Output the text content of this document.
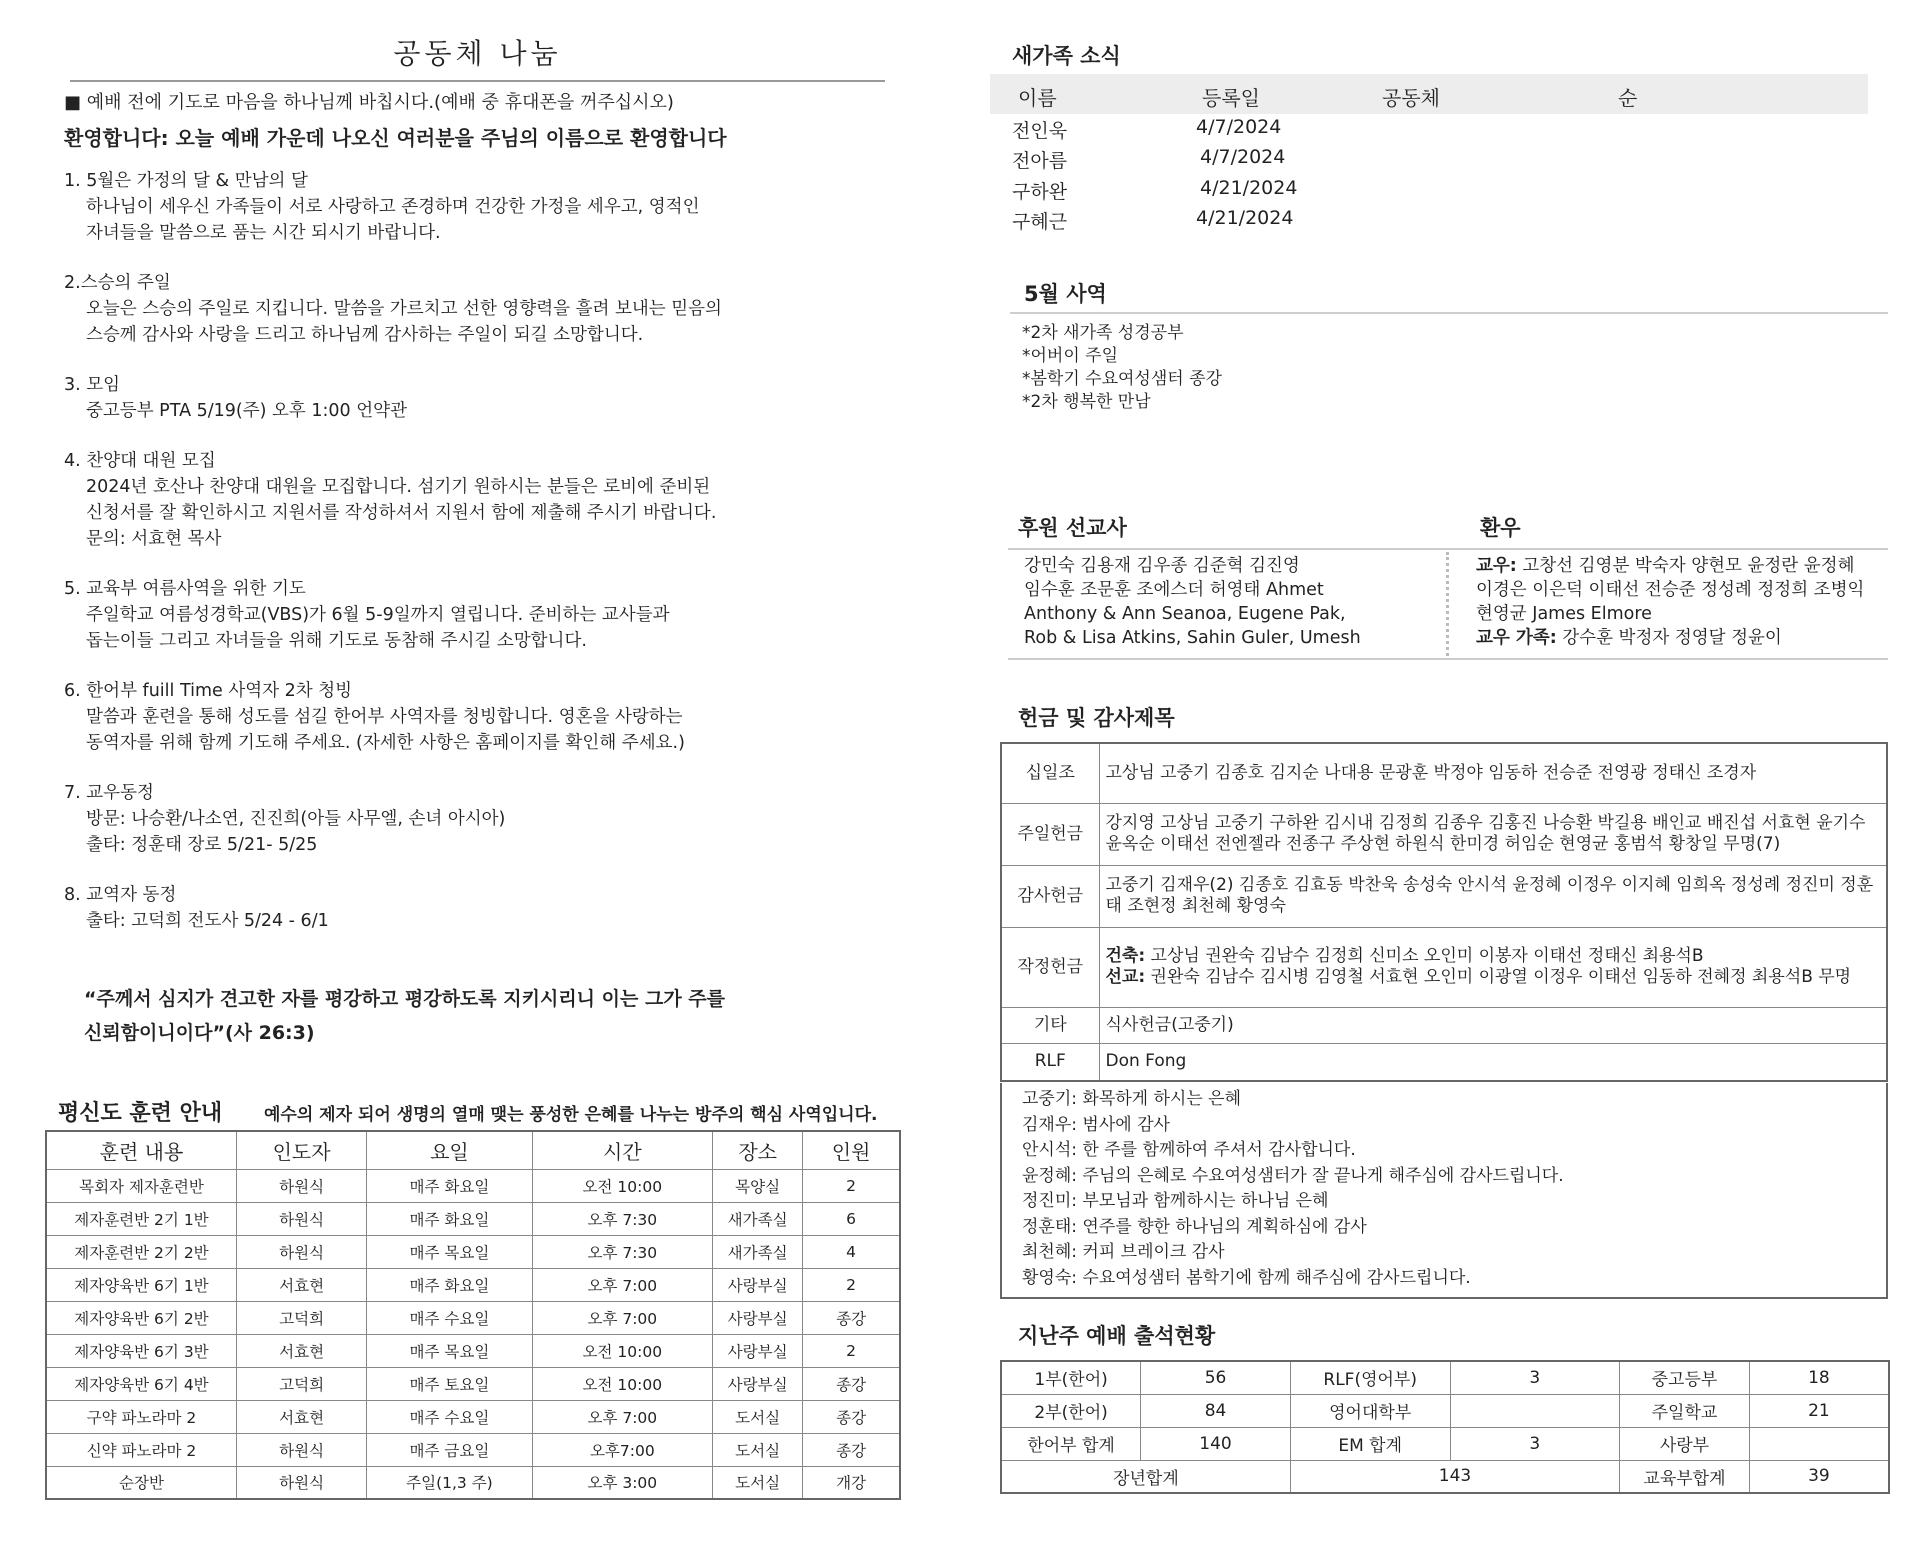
공동체 나눔
■ 예배 전에 기도로 마음을 하나님께 바칩시다.(예배 중 휴대폰을 꺼주십시오)
환영합니다: 오늘 예배 가운데 나오신 여러분을 주님의 이름으로 환영합니다
1. 5월은 가정의 달 & 만남의 달
하나님이 세우신 가족들이 서로 사랑하고 존경하며 건강한 가정을 세우고, 영적인
자녀들을 말씀으로 품는 시간 되시기 바랍니다.
2.스승의 주일
오늘은 스승의 주일로 지킵니다. 말씀을 가르치고 선한 영향력을 흘려 보내는 믿음의
스승께 감사와 사랑을 드리고 하나님께 감사하는 주일이 되길 소망합니다.
3. 모임
중고등부 PTA 5/19(주) 오후 1:00 언약관
4. 찬양대 대원 모집
2024년 호산나 찬양대 대원을 모집합니다. 섬기기 원하시는 분들은 로비에 준비된
신청서를 잘 확인하시고 지원서를 작성하셔서 지원서 함에 제출해 주시기 바랍니다.
문의: 서효현 목사
5. 교육부 여름사역을 위한 기도
주일학교 여름성경학교(VBS)가 6월 5-9일까지 열립니다. 준비하는 교사들과
돕는이들 그리고 자녀들을 위해 기도로 동참해 주시길 소망합니다.
6. 한어부 fuill Time 사역자 2차 청빙
말씀과 훈련을 통해 성도를 섬길 한어부 사역자를 청빙합니다. 영혼을 사랑하는
동역자를 위해 함께 기도해 주세요. (자세한 사항은 홈페이지를 확인해 주세요.)
7. 교우동정
방문: 나승환/나소연, 진진희(아들 사무엘, 손녀 아시아)
출타: 정훈태 장로 5/21- 5/25
8. 교역자 동정
출타: 고덕희 전도사 5/24 - 6/1
“주께서 심지가 견고한 자를 평강하고 평강하도록 지키시리니 이는 그가 주를
신뢰함이니이다”(사 26:3)
평신도 훈련 안내 예수의 제자 되어 생명의 열매 맺는 풍성한 은혜를 나누는 방주의 핵심 사역입니다.
훈련 내용	인도자	요일	시간	장소	인원
목회자 제자훈련반	하원식	매주 화요일	오전 10:00	목양실	2
제자훈련반 2기 1반	하원식	매주 화요일	오후 7:30	새가족실	6
제자훈련반 2기 2반	하원식	매주 목요일	오후 7:30	새가족실	4
제자양육반 6기 1반	서효현	매주 화요일	오후 7:00	사랑부실	2
제자양육반 6기 2반	고덕희	매주 수요일	오후 7:00	사랑부실	종강
제자양육반 6기 3반	서효현	매주 목요일	오전 10:00	사랑부실	2
제자양육반 6기 4반	고덕희	매주 토요일	오전 10:00	사랑부실	종강
구약 파노라마 2	서효현	매주 수요일	오후 7:00	도서실	종강
신약 파노라마 2	하원식	매주 금요일	오후7:00	도서실	종강
순장반	하원식	주일(1,3 주)	오후 3:00	도서실	개강
새가족 소식
이름	등록일	공동체	순
전인욱	4/7/2024
전아름	4/7/2024
구하완	4/21/2024
구혜근	4/21/2024
5월 사역
*2차 새가족 성경공부
*어버이 주일
*봄학기 수요여성샘터 종강
*2차 행복한 만남
후원 선교사	환우
강민숙 김용재 김우종 김준혁 김진영
임수훈 조문훈 조에스더 허영태 Ahmet
Anthony & Ann Seanoa, Eugene Pak,
Rob & Lisa Atkins, Sahin Guler, Umesh
교우: 고창선 김영분 박숙자 양현모 윤정란 윤정혜
이경은 이은덕 이태선 전승준 정성례 정정희 조병익
현영균 James Elmore
교우 가족: 강수훈 박정자 정영달 정윤이
헌금 및 감사제목
십일조	고상님 고중기 김종호 김지순 나대용 문광훈 박정야 임동하 전승준 전영광 정태신 조경자
주일헌금	강지영 고상님 고중기 구하완 김시내 김정희 김종우 김홍진 나승환 박길용 배인교 배진섭 서효현 윤기수 윤옥순 이태선 전엔젤라 전종구 주상현 하원식 한미경 허임순 현영균 홍범석 황창일 무명(7)
감사헌금	고중기 김재우(2) 김종호 김효동 박찬욱 송성숙 안시석 윤정혜 이정우 이지혜 임희옥 정성례 정진미 정훈태 조현정 최천혜 황영숙
작정헌금	건축: 고상님 권완숙 김남수 김정희 신미소 오인미 이봉자 이태선 정태신 최용석B
선교: 권완숙 김남수 김시병 김영철 서효현 오인미 이광열 이정우 이태선 임동하 전혜정 최용석B 무명

기타	식사헌금(고중기)
RLF	Don Fong
고중기: 화목하게 하시는 은혜
김재우: 범사에 감사
안시석: 한 주를 함께하여 주셔서 감사합니다.
윤정혜: 주님의 은혜로 수요여성샘터가 잘 끝나게 해주심에 감사드립니다.
정진미: 부모님과 함께하시는 하나님 은혜
정훈태: 연주를 향한 하나님의 계획하심에 감사
최천혜: 커피 브레이크 감사
황영숙: 수요여성샘터 봄학기에 함께 해주심에 감사드립니다.
지난주 예배 출석현황
1부(한어)	56	RLF(영어부)	3	중고등부	18
2부(한어)	84	영어대학부		주일학교	21
한어부 합계	140	EM 합계	3	사랑부	
장년합계		143		교육부합계	39
